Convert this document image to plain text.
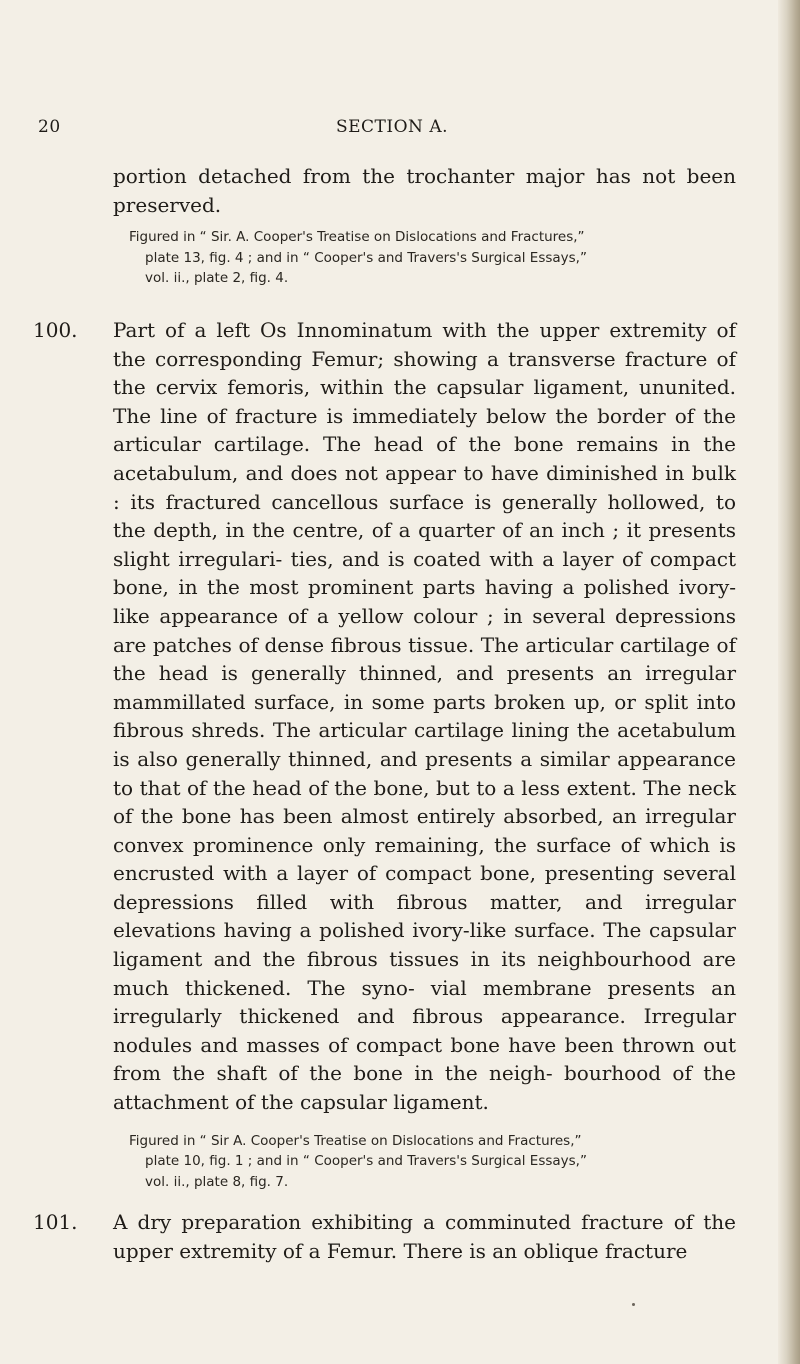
20	SECTION A.

portion detached from the trochanter major has not been preserved.

Figured in “ Sir. A. Cooper's Treatise on Dislocations and Fractures,”
plate 13, fig. 4 ; and in “ Cooper's and Travers's Surgical Essays,”
vol. ii., plate 2, fig. 4.
100. Part of a left Os Innominatum with the upper extremity of the corresponding Femur; showing a transverse fracture of the cervix femoris, within the capsular ligament, ununited. The line of fracture is immediately below the border of the articular cartilage. The head of the bone remains in the acetabulum, and does not appear to have diminished in bulk : its fractured cancellous surface is generally hollowed, to the depth, in the centre, of a quarter of an inch ; it presents slight irregulari- ties, and is coated with a layer of compact bone, in the most prominent parts having a polished ivory-like appearance of a yellow colour ; in several depressions are patches of dense fibrous tissue. The articular cartilage of the head is generally thinned, and presents an irregular mammillated surface, in some parts broken up, or split into fibrous shreds. The articular cartilage lining the acetabulum is also generally thinned, and presents a similar appearance to that of the head of the bone, but to a less extent. The neck of the bone has been almost entirely absorbed, an irregular convex prominence only remaining, the surface of which is encrusted with a layer of compact bone, presenting several depressions filled with fibrous matter, and irregular elevations having a polished ivory-like surface. The capsular ligament and the fibrous tissues in its neighbourhood are much thickened. The syno- vial membrane presents an irregularly thickened and fibrous appearance. Irregular nodules and masses of compact bone have been thrown out from the shaft of the bone in the neigh- bourhood of the attachment of the capsular ligament.

Figured in “ Sir A. Cooper's Treatise on Dislocations and Fractures,”
plate 10, fig. 1 ; and in “ Cooper's and Travers's Surgical Essays,”
vol. ii., plate 8, fig. 7.
101. A dry preparation exhibiting a comminuted fracture of the upper extremity of a Femur. There is an oblique fracture
